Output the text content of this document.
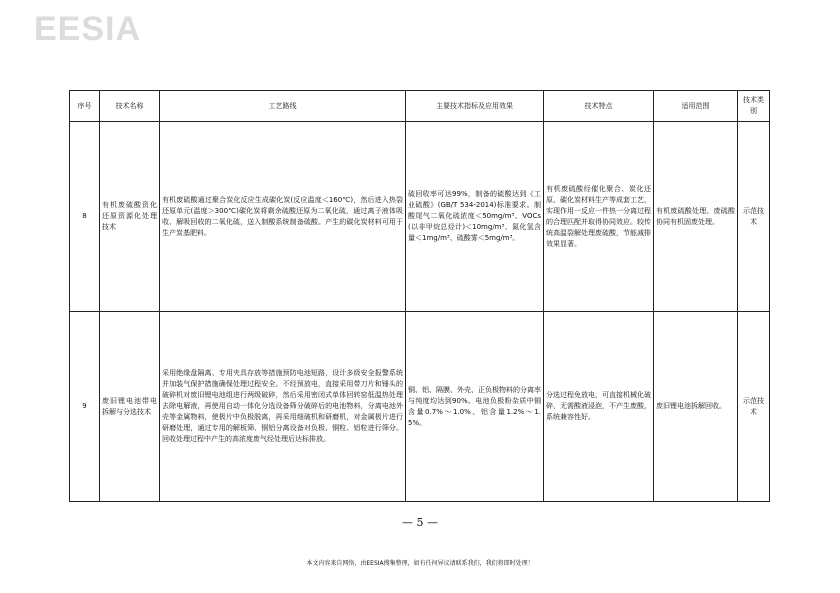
EESIA
序号	技术名称	工艺路线	主要技术指标及应用效果	技术特点	适用范围	技术类别
8	有机废硫酸资化还原资源化处理技术	有机废硫酸通过聚合炭化反应生成碳化炭(反应温度＜160℃)，然后进入热裂还原单元(温度＞300℃)碳化炭将剩余硫酸还原为二氧化硫，通过离子液体吸收、解吸回收的二氧化硫，送入制酸系统制备硫酸。产生的碳化炭材料可用于生产炭基肥料。	硫回收率可达99%，制备的硫酸达到《工业硫酸》(GB/T 534-2014)标准要求。制酸尾气二氧化硫浓度＜50mg/m³、VOCs(以非甲烷总烃计)＜10mg/m³、氮化氢含量＜1mg/m³、硫酸雾＜5mg/m³。	有机废硫酸经催化聚合、炭化还原、碳化炭材料生产等成套工艺，实现作用一反应一件热一分离过程的合理匹配并取得协同效应。较传统高温裂解处理废硫酸，节能减排效果显著。	有机废硫酸处理、废硫酸协同有机固废处理。	示范技术
9	废旧锂电池带电拆解与分选技术	采用绝缘盘隔离、专用夹具存放等措施预防电池短路，设计多级安全报警系统并加装气保护措施确保处理过程安全。不经预放电，直接采用带刀片和锤头的破碎机对废旧锂电池组进行两级破碎，然后采用密闭式单体回转窑低温热处理去除电解液，再使用自动一体化分选设备筛分破碎后的电池物料，分离电池外壳等金属物料，使极片中负极脱离，再采用细破机和研磨机，对金属极片进行研磨处理，通过专用的解板筛、铜铝分离设备对负极、铜粒、铝粒进行筛分。回收处理过程中产生的高浓度废气经处理后达标排放。	铜、铝、隔膜、外壳、正负极物料的分离率与纯度均达到90%。电池负极粉杂质中铜含量0.7%～1.0%、铝含量1.2%～1.5%。	分选过程免放电，可直接机械化破碎，无需酸液浸泡，不产生废酸，系统兼容性好。	废旧锂电池拆解回收。	示范技术
— 5 —
本文内容来自网络，由EESIA搜集整理，如有任何异议请联系我们，我们将即时处理！
